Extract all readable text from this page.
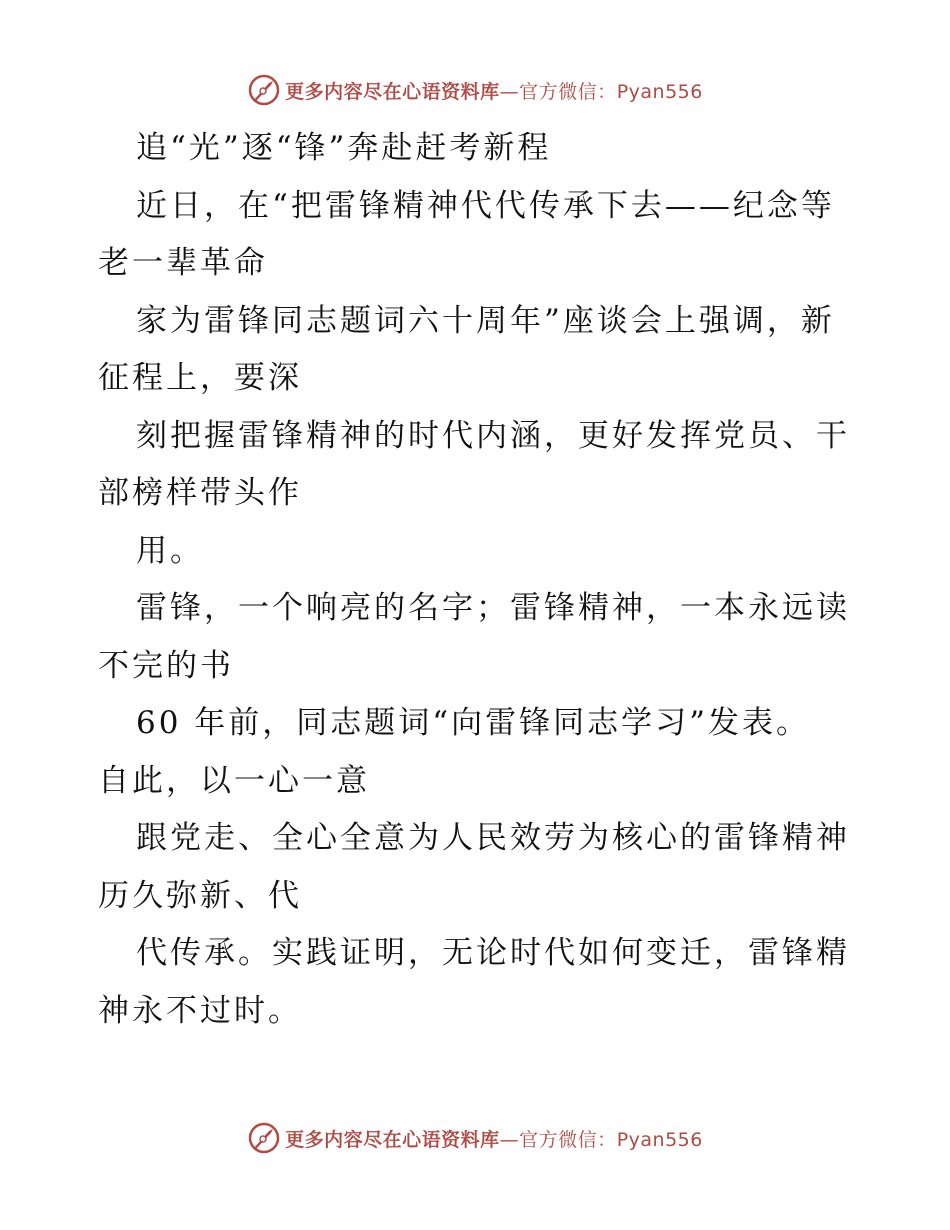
更多内容尽在心语资料库—官方微信：Pyan556
追“光”逐“锋”奔赴赶考新程
近日，在“把雷锋精神代代传承下去——纪念等
老一辈革命
家为雷锋同志题词六十周年”座谈会上强调，新
征程上，要深
刻把握雷锋精神的时代内涵，更好发挥党员、干
部榜样带头作
用。
雷锋，一个响亮的名字；雷锋精神，一本永远读
不完的书
60 年前，同志题词“向雷锋同志学习”发表。
自此，以一心一意
跟党走、全心全意为人民效劳为核心的雷锋精神
历久弥新、代
代传承。实践证明，无论时代如何变迁，雷锋精
神永不过时。
更多内容尽在心语资料库—官方微信：Pyan556
